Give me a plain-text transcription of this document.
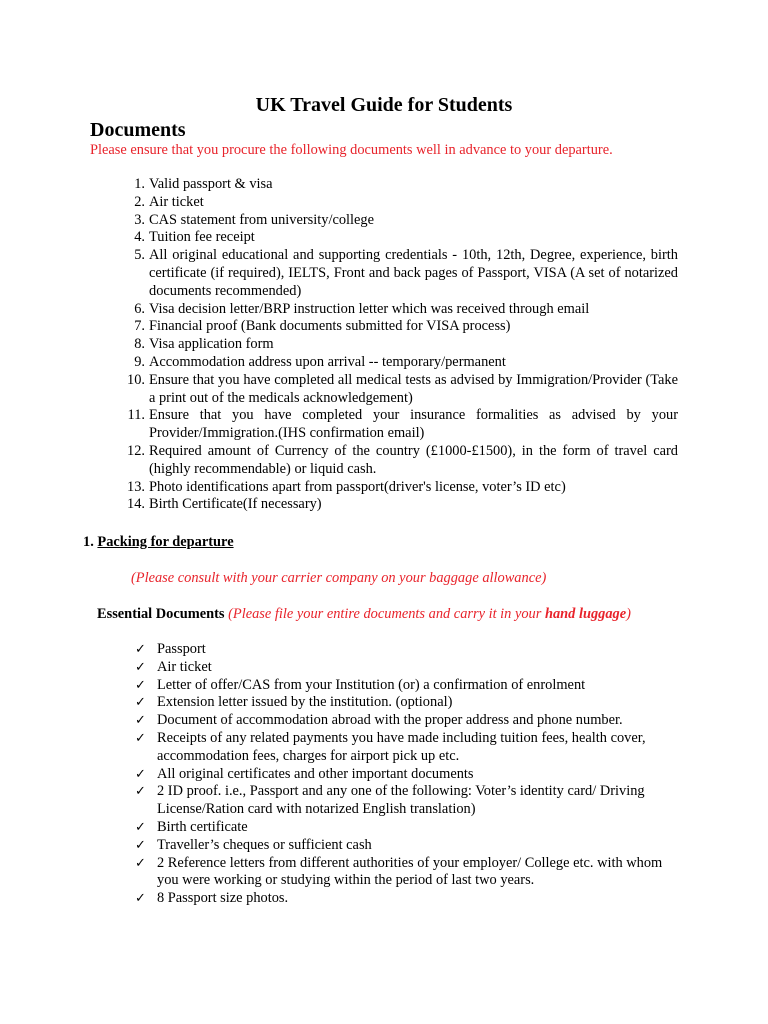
UK Travel Guide for Students
Documents
Please ensure that you procure the following documents well in advance to your departure.
1. Valid passport & visa
2. Air ticket
3. CAS statement from university/college
4. Tuition fee receipt
5. All original educational and supporting credentials - 10th, 12th, Degree, experience, birth certificate (if required), IELTS, Front and back pages of Passport, VISA (A set of notarized documents recommended)
6. Visa decision letter/BRP instruction letter which was received through email
7. Financial proof (Bank documents submitted for VISA process)
8. Visa application form
9. Accommodation address upon arrival -- temporary/permanent
10. Ensure that you have completed all medical tests as advised by Immigration/Provider (Take a print out of the medicals acknowledgement)
11. Ensure that you have completed your insurance formalities as advised by your Provider/Immigration.(IHS confirmation email)
12. Required amount of Currency of the country (£1000-£1500), in the form of travel card (highly recommendable) or liquid cash.
13. Photo identifications apart from passport(driver's license, voter’s ID etc)
14. Birth Certificate(If necessary)
1. Packing for departure
(Please consult with your carrier company on your baggage allowance)
Essential Documents (Please file your entire documents and carry it in your hand luggage)
✓ Passport
✓ Air ticket
✓ Letter of offer/CAS from your Institution (or) a confirmation of enrolment
✓ Extension letter issued by the institution. (optional)
✓ Document of accommodation abroad with the proper address and phone number.
✓ Receipts of any related payments you have made including tuition fees, health cover, accommodation fees, charges for airport pick up etc.
✓ All original certificates and other important documents
✓ 2 ID proof. i.e., Passport and any one of the following: Voter’s identity card/ Driving License/Ration card with notarized English translation)
✓ Birth certificate
✓ Traveller’s cheques or sufficient cash
✓ 2 Reference letters from different authorities of your employer/ College etc. with whom you were working or studying within the period of last two years.
✓ 8 Passport size photos.
